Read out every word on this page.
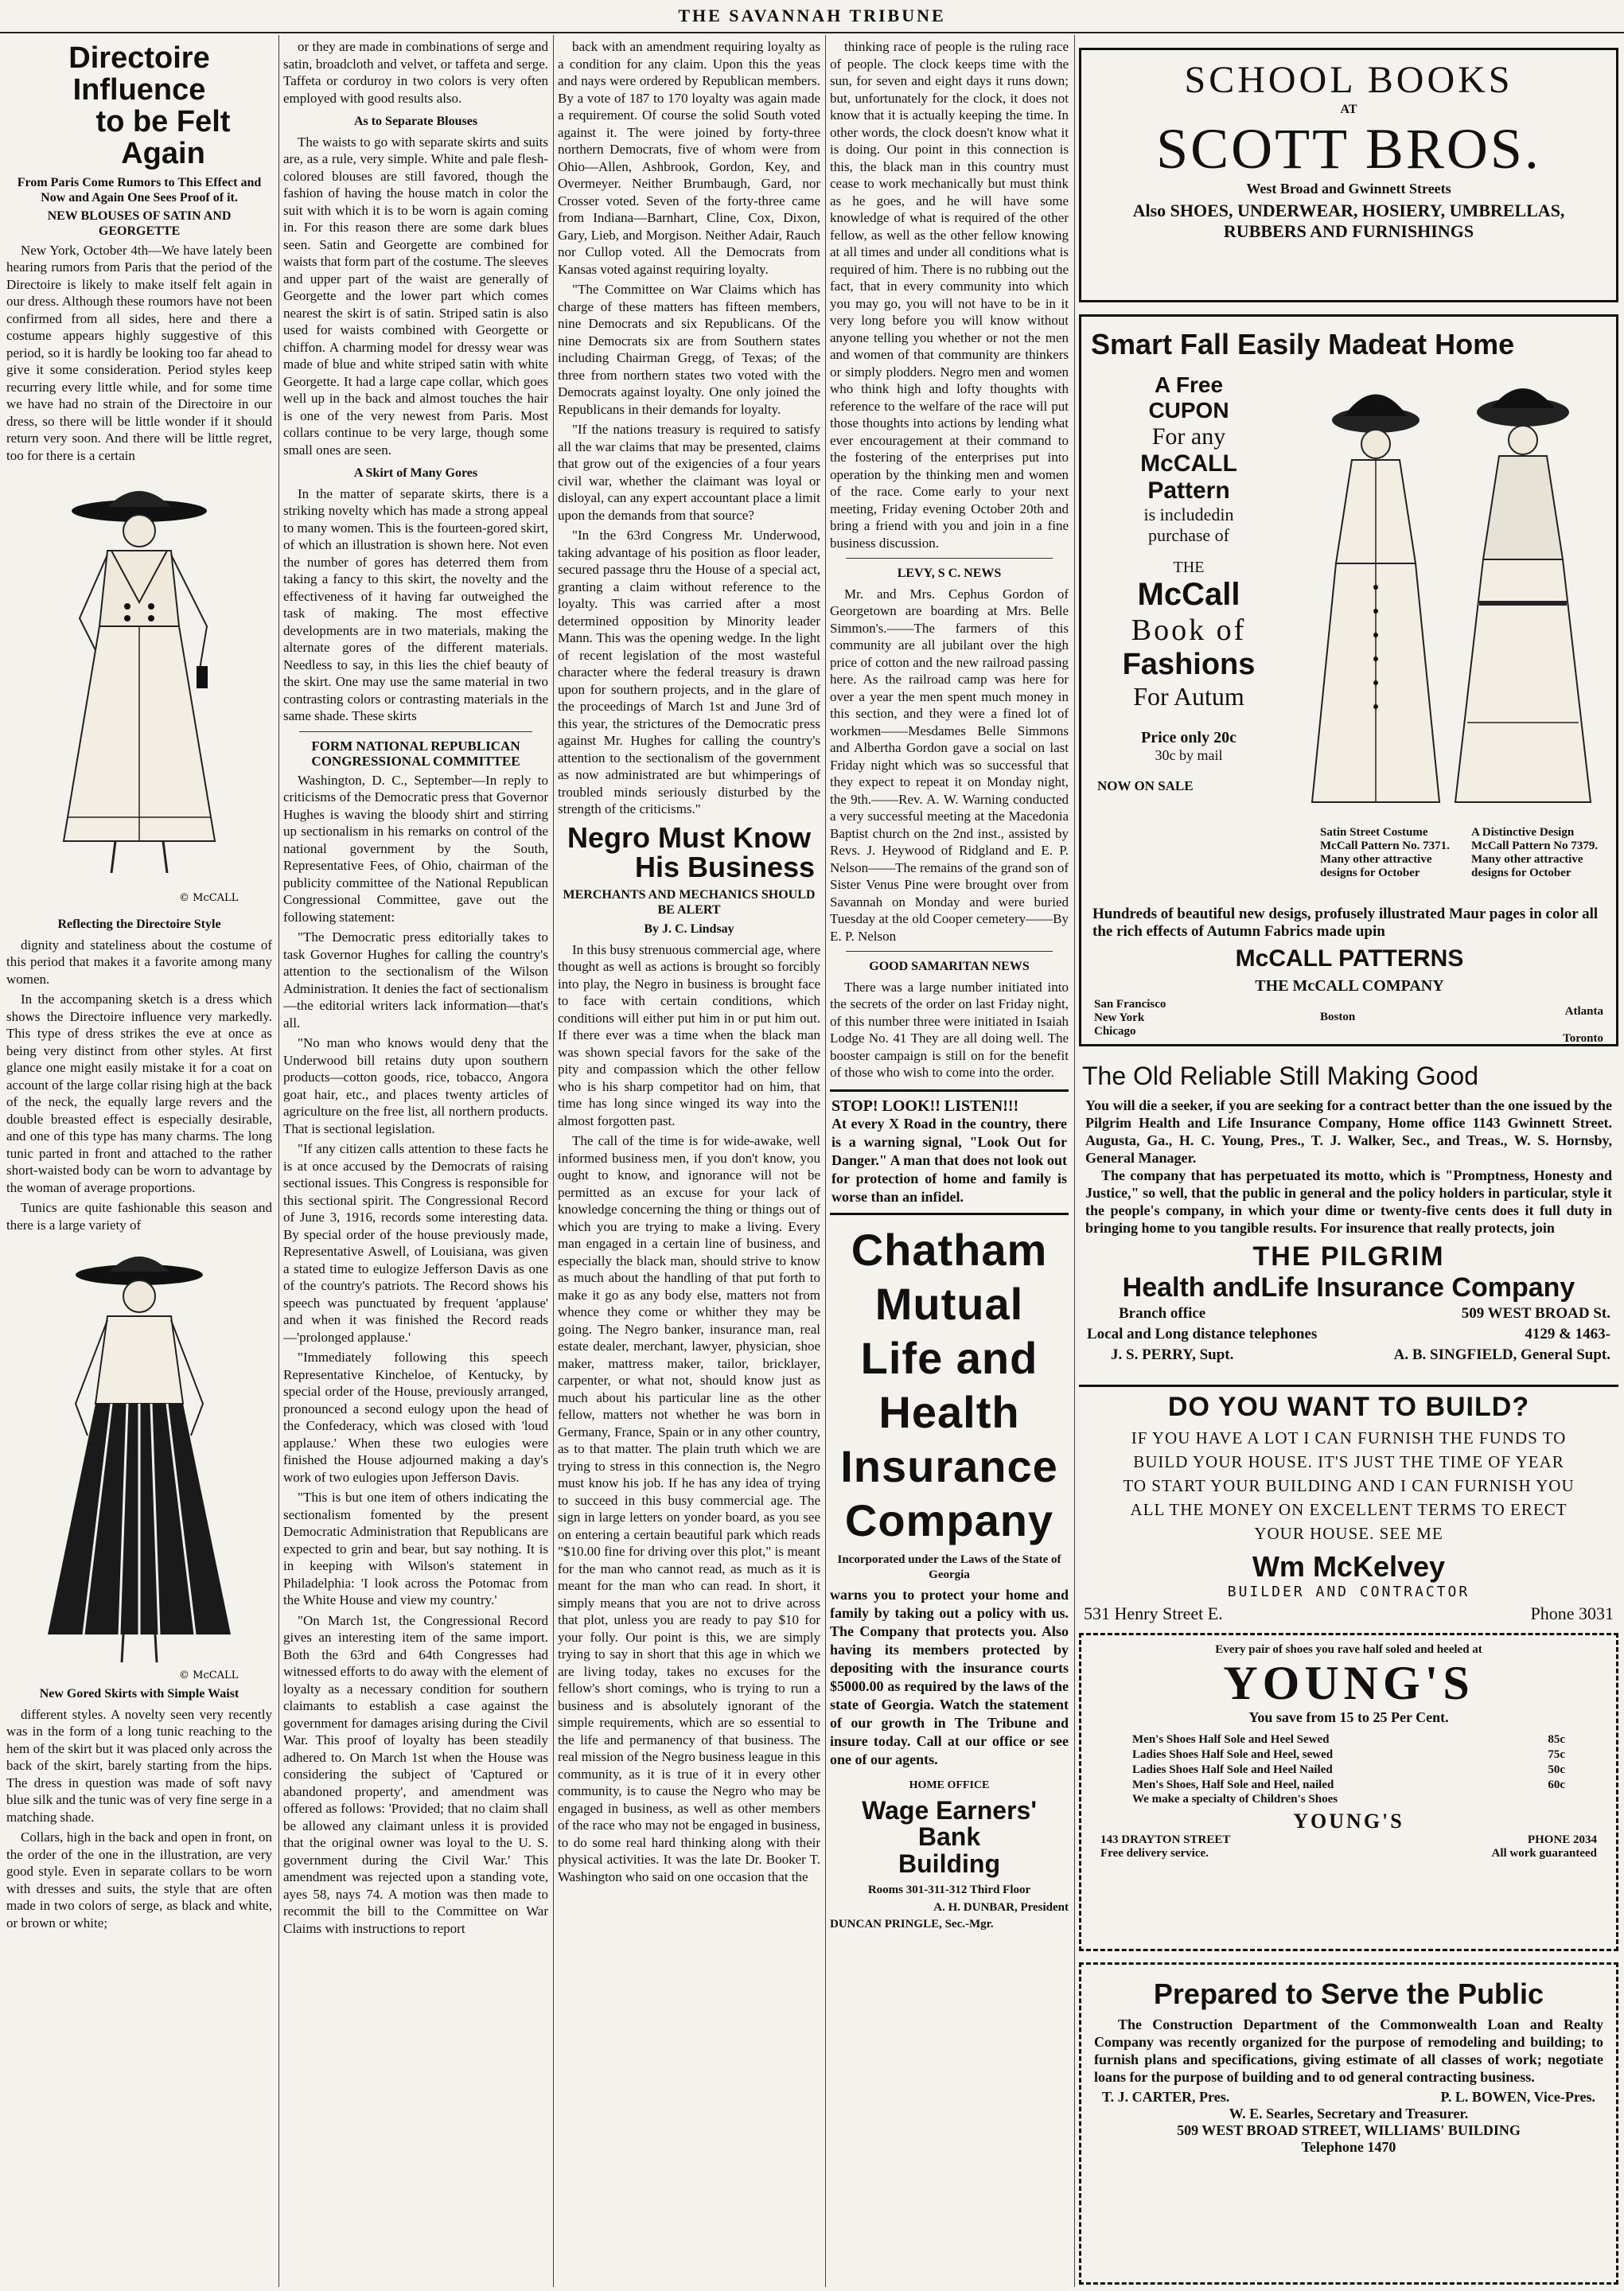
THE SAVANNAH TRIBUNE
Directoire Influence
to be Felt Again
From Paris Come Rumors to This Effect and Now and Again One Sees Proof of it.
NEW BLOUSES OF SATIN AND GEORGETTE

New York, October 4th—We have lately been hearing rumors from Paris that the period of the Directoire is likely to make itself felt again in our dress. Although these roumors have not been confirmed from all sides, here and there a costume appears highly suggestive of this period, so it is hardly be looking too far ahead to give it some consideration. Period styles keep recurring every little while, and for some time we have had no strain of the Directoire in our dress, so there will be little wonder if it should return very soon. And there will be little regret, too for there is a certain

© McCALL
Reflecting the Directoire Style

dignity and stateliness about the costume of this period that makes it a favorite among many women.

In the accompaning sketch is a dress which shows the Directoire influence very markedly. This type of dress strikes the eve at once as being very distinct from other styles. At first glance one might easily mistake it for a coat on account of the large collar rising high at the back of the neck, the equally large revers and the double breasted effect is especially desirable, and one of this type has many charms. The long tunic parted in front and attached to the rather short-waisted body can be worn to advantage by the woman of average proportions.

Tunics are quite fashionable this season and there is a large variety of

© McCALL
New Gored Skirts with Simple Waist

different styles. A novelty seen very recently was in the form of a long tunic reaching to the hem of the skirt but it was placed only across the back of the skirt, barely starting from the hips. The dress in question was made of soft navy blue silk and the tunic was of very fine serge in a matching shade.

Collars, high in the back and open in front, on the order of the one in the illustration, are very good style. Even in separate collars to be worn with dresses and suits, the style that are often made in two colors of serge, as black and white, or brown or white;

or they are made in combinations of serge and satin, broadcloth and velvet, or taffeta and serge. Taffeta or corduroy in two colors is very often employed with good results also.

As to Separate Blouses

The waists to go with separate skirts and suits are, as a rule, very simple. White and pale flesh-colored blouses are still favored, though the fashion of having the house match in color the suit with which it is to be worn is again coming in. For this reason there are some dark blues seen. Satin and Georgette are combined for waists that form part of the costume. The sleeves and upper part of the waist are generally of Georgette and the lower part which comes nearest the skirt is of satin. Striped satin is also used for waists combined with Georgette or chiffon. A charming model for dressy wear was made of blue and white striped satin with white Georgette. It had a large cape collar, which goes well up in the back and almost touches the hair is one of the very newest from Paris. Most collars continue to be very large, though some small ones are seen.

A Skirt of Many Gores

In the matter of separate skirts, there is a striking novelty which has made a strong appeal to many women. This is the fourteen-gored skirt, of which an illustration is shown here. Not even the number of gores has deterred them from taking a fancy to this skirt, the novelty and the effectiveness of it having far outweighed the task of making. The most effective developments are in two materials, making the alternate gores of the different materials. Needless to say, in this lies the chief beauty of the skirt. One may use the same material in two contrasting colors or contrasting materials in the same shade. These skirts

FORM NATIONAL REPUBLICAN CONGRESSIONAL COMMITTEE

Washington, D. C., September—In reply to criticisms of the Democratic press that Governor Hughes is waving the bloody shirt and stirring up sectionalism in his remarks on control of the national government by the South, Representative Fees, of Ohio, chairman of the publicity committee of the National Republican Congressional Committee, gave out the following statement:

"The Democratic press editorially takes to task Governor Hughes for calling the country's attention to the sectionalism of the Wilson Administration. It denies the fact of sectionalism—the editorial writers lack information—that's all.

"No man who knows would deny that the Underwood bill retains duty upon southern products—cotton goods, rice, tobacco, Angora goat hair, etc., and places twenty articles of agriculture on the free list, all northern products. That is sectional legislation.

"If any citizen calls attention to these facts he is at once accused by the Democrats of raising sectional issues. This Congress is responsible for this sectional spirit. The Congressional Record of June 3, 1916, records some interesting data. By special order of the house previously made, Representative Aswell, of Louisiana, was given a stated time to eulogize Jefferson Davis as one of the country's patriots. The Record shows his speech was punctuated by frequent 'applause' and when it was finished the Record reads—'prolonged applause.'

"Immediately following this speech Representative Kincheloe, of Kentucky, by special order of the House, previously arranged, pronounced a second eulogy upon the head of the Confederacy, which was closed with 'loud applause.' When these two eulogies were finished the House adjourned making a day's work of two eulogies upon Jefferson Davis.

"This is but one item of others indicating the sectionalism fomented by the present Democratic Administration that Republicans are expected to grin and bear, but say nothing. It is in keeping with Wilson's statement in Philadelphia: 'I look across the Potomac from the White House and view my country.'

"On March 1st, the Congressional Record gives an interesting item of the same import. Both the 63rd and 64th Congresses had witnessed efforts to do away with the element of loyalty as a necessary condition for southern claimants to establish a case against the government for damages arising during the Civil War. This proof of loyalty has been steadily adhered to. On March 1st when the House was considering the subject of 'Captured or abandoned property', and amendment was offered as follows: 'Provided; that no claim shall be allowed any claimant unless it is provided that the original owner was loyal to the U. S. government during the Civil War.' This amendment was rejected upon a standing vote, ayes 58, nays 74. A motion was then made to recommit the bill to the Committee on War Claims with instructions to report

back with an amendment requiring loyalty as a condition for any claim. Upon this the yeas and nays were ordered by Republican members. By a vote of 187 to 170 loyalty was again made a requirement. Of course the solid South voted against it. The were joined by forty-three northern Democrats, five of whom were from Ohio—Allen, Ashbrook, Gordon, Key, and Overmeyer. Neither Brumbaugh, Gard, nor Crosser voted. Seven of the forty-three came from Indiana—Barnhart, Cline, Cox, Dixon, Gary, Lieb, and Morgison. Neither Adair, Rauch nor Cullop voted. All the Democrats from Kansas voted against requiring loyalty.

"The Committee on War Claims which has charge of these matters has fifteen members, nine Democrats and six Republicans. Of the nine Democrats six are from Southern states including Chairman Gregg, of Texas; of the three from northern states two voted with the Democrats against loyalty. One only joined the Republicans in their demands for loyalty.

"If the nations treasury is required to satisfy all the war claims that may be presented, claims that grow out of the exigencies of a four years civil war, whether the claimant was loyal or disloyal, can any expert accountant place a limit upon the demands from that source?

"In the 63rd Congress Mr. Underwood, taking advantage of his position as floor leader, secured passage thru the House of a special act, granting a claim without reference to the loyalty. This was carried after a most determined opposition by Minority leader Mann. This was the opening wedge. In the light of recent legislation of the most wasteful character where the federal treasury is drawn upon for southern projects, and in the glare of the proceedings of March 1st and June 3rd of this year, the strictures of the Democratic press against Mr. Hughes for calling the country's attention to the sectionalism of the government as now administrated are but whimperings of troubled minds seriously disturbed by the strength of the criticisms."

Negro Must Know
His Business
MERCHANTS AND MECHANICS SHOULD BE ALERT
By J. C. Lindsay

In this busy strenuous commercial age, where thought as well as actions is brought so forcibly into play, the Negro in business is brought face to face with certain conditions, which conditions will either put him in or put him out. If there ever was a time when the black man was shown special favors for the sake of the pity and compassion which the other fellow who is his sharp competitor had on him, that time has long since winged its way into the almost forgotten past.

The call of the time is for wide-awake, well informed business men, if you don't know, you ought to know, and ignorance will not be permitted as an excuse for your lack of knowledge concerning the thing or things out of which you are trying to make a living. Every man engaged in a certain line of business, and especially the black man, should strive to know as much about the handling of that put forth to make it go as any body else, matters not from whence they come or whither they may be going. The Negro banker, insurance man, real estate dealer, merchant, lawyer, physician, shoe maker, mattress maker, tailor, bricklayer, carpenter, or what not, should know just as much about his particular line as the other fellow, matters not whether he was born in Germany, France, Spain or in any other country, as to that matter. The plain truth which we are trying to stress in this connection is, the Negro must know his job. If he has any idea of trying to succeed in this busy commercial age. The sign in large letters on yonder board, as you see on entering a certain beautiful park which reads "$10.00 fine for driving over this plot," is meant for the man who cannot read, as much as it is meant for the man who can read. In short, it simply means that you are not to drive across that plot, unless you are ready to pay $10 for your folly. Our point is this, we are simply trying to say in short that this age in which we are living today, takes no excuses for the fellow's short comings, who is trying to run a business and is absolutely ignorant of the simple requirements, which are so essential to the life and permanency of that business. The real mission of the Negro business league in this community, as it is true of it in every other community, is to cause the Negro who may be engaged in business, as well as other members of the race who may not be engaged in business, to do some real hard thinking along with their physical activities. It was the late Dr. Booker T. Washington who said on one occasion that the

thinking race of people is the ruling race of people. The clock keeps time with the sun, for seven and eight days it runs down; but, unfortunately for the clock, it does not know that it is actually keeping the time. In other words, the clock doesn't know what it is doing. Our point in this connection is this, the black man in this country must cease to work mechanically but must think as he goes, and he will have some knowledge of what is required of the other fellow, as well as the other fellow knowing at all times and under all conditions what is required of him. There is no rubbing out the fact, that in every community into which you may go, you will not have to be in it very long before you will know without anyone telling you whether or not the men and women of that community are thinkers or simply plodders. Negro men and women who think high and lofty thoughts with reference to the welfare of the race will put those thoughts into actions by lending what ever encouragement at their command to the fostering of the enterprises put into operation by the thinking men and women of the race. Come early to your next meeting, Friday evening October 20th and bring a friend with you and join in a fine business discussion.

LEVY, S C. NEWS

Mr. and Mrs. Cephus Gordon of Georgetown are boarding at Mrs. Belle Simmon's.——The farmers of this community are all jubilant over the high price of cotton and the new railroad passing here. As the railroad camp was here for over a year the men spent much money in this section, and they were a fined lot of workmen——Mesdames Belle Simmons and Albertha Gordon gave a social on last Friday night which was so successful that they expect to repeat it on Monday night, the 9th.——Rev. A. W. Warning conducted a very successful meeting at the Macedonia Baptist church on the 2nd inst., assisted by Revs. J. Heywood of Ridgland and E. P. Nelson——The remains of the grand son of Sister Venus Pine were brought over from Savannah on Monday and were buried Tuesday at the old Cooper cemetery——By E. P. Nelson

GOOD SAMARITAN NEWS

There was a large number initiated into the secrets of the order on last Friday night, of this number three were initiated in Isaiah Lodge No. 41 They are all doing well. The booster campaign is still on for the benefit of those who wish to come into the order.

STOP! LOOK!! LISTEN!!!
At every X Road in the country, there is a warning signal, "Look Out for Danger." A man that does not look out for protection of home and family is worse than an infidel.
Chatham
Mutual
Life and
Health
Insurance
Company
Incorporated under the Laws of the State of Georgia
warns you to protect your home and family by taking out a policy with us. The Company that protects you. Also having its members protected by depositing with the insurance courts $5000.00 as required by the laws of the state of Georgia. Watch the statement of our growth in The Tribune and insure today. Call at our office or see one of our agents.
HOME OFFICE
Wage Earners' Bank
Building
Rooms 301-311-312 Third Floor
A. H. DUNBAR, President
DUNCAN PRINGLE, Sec.-Mgr.
SCHOOL BOOKS
AT
SCOTT BROS.
West Broad and Gwinnett Streets
Also SHOES, UNDERWEAR, HOSIERY, UMBRELLAS,
RUBBERS AND FURNISHINGS
Smart Fall Easily Madeat Home
A Free
CUPON
For any
McCALL
Pattern
is includedin
purchase of
THE
McCall
Book of
Fashions
For Autum
Price only 20c
30c by mail
NOW ON SALE
Satin Street Costume McCall Pattern No. 7371. Many other attractive designs for October
A Distinctive Design McCall Pattern No 7379. Many other attractive designs for October
Hundreds of beautiful new desigs, profusely illustrated Maur pages in color all the rich effects of Autumn Fabrics made upin
McCALL PATTERNS
THE McCALL COMPANY
San Francisco
New York
Chicago
Boston	Atlanta
Toronto
The Old Reliable Still Making Good
You will die a seeker, if you are seeking for a contract better than the one issued by the Pilgrim Health and Life Insurance Company, Home office 1143 Gwinnett Street. Augusta, Ga., H. C. Young, Pres., T. J. Walker, Sec., and Treas., W. S. Hornsby, General Manager.
The company that has perpetuated its motto, which is "Promptness, Honesty and Justice," so well, that the public in general and the policy holders in particular, style it the people's company, in which your dime or twenty-five cents does it full duty in bringing home to you tangible results. For insurence that really protects, join
THE PILGRIM
Health andLife Insurance Company
Branch office	509 WEST BROAD St.
Local and Long distance telephones	4129 & 1463-
J. S. PERRY, Supt.	A. B. SINGFIELD, General Supt.
DO YOU WANT TO BUILD?
IF YOU HAVE A LOT I CAN FURNISH THE FUNDS TO
BUILD YOUR HOUSE. IT'S JUST THE TIME OF YEAR
TO START YOUR BUILDING AND I CAN FURNISH YOU
ALL THE MONEY ON EXCELLENT TERMS TO ERECT
YOUR HOUSE. SEE ME
Wm McKelvey
BUILDER AND CONTRACTOR
531 Henry Street E.	Phone 3031
Every pair of shoes you rave half soled and heeled at
YOUNG'S
You save from 15 to 25 Per Cent.
Men's Shoes Half Sole and Heel Sewed	85c
Ladies Shoes Half Sole and Heel, sewed	75c
Ladies Shoes Half Sole and Heel Nailed	50c
Men's Shoes, Half Sole and Heel, nailed	60c
We make a specialty of Children's Shoes
YOUNG'S
143 DRAYTON STREET	PHONE 2034
Free delivery service.	All work guaranteed
Prepared to Serve the Public
The Construction Department of the Commonwealth Loan and Realty Company was recently organized for the purpose of remodeling and building; to furnish plans and specifications, giving estimate of all classes of work; negotiate loans for the purpose of building and to od general contracting business.
T. J. CARTER, Pres.	P. L. BOWEN, Vice-Pres.
W. E. Searles, Secretary and Treasurer.
509 WEST BROAD STREET, WILLIAMS' BUILDING
Telephone 1470
